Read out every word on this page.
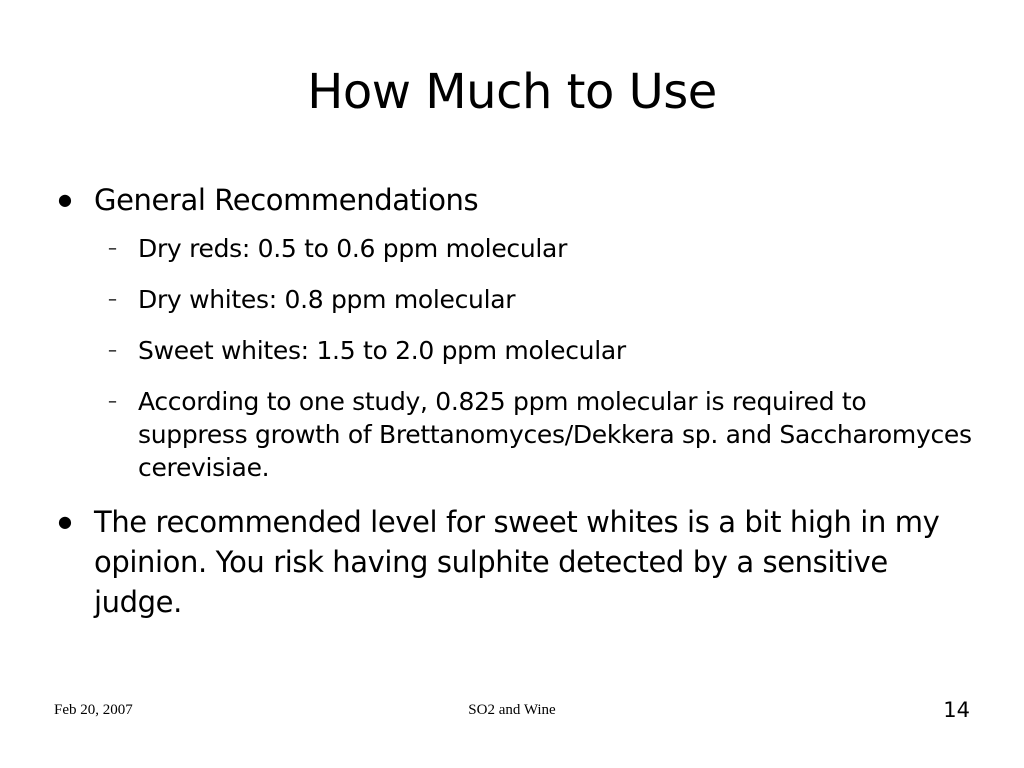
How Much to Use
● General Recommendations
– Dry reds: 0.5 to 0.6 ppm molecular
– Dry whites: 0.8 ppm molecular
– Sweet whites: 1.5 to 2.0 ppm molecular
– According to one study, 0.825 ppm molecular is required to suppress growth of Brettanomyces/Dekkera sp. and Saccharomyces cerevisiae.
● The recommended level for sweet whites is a bit high in my opinion. You risk having sulphite detected by a sensitive judge.
Feb 20, 2007	SO2 and Wine	14
